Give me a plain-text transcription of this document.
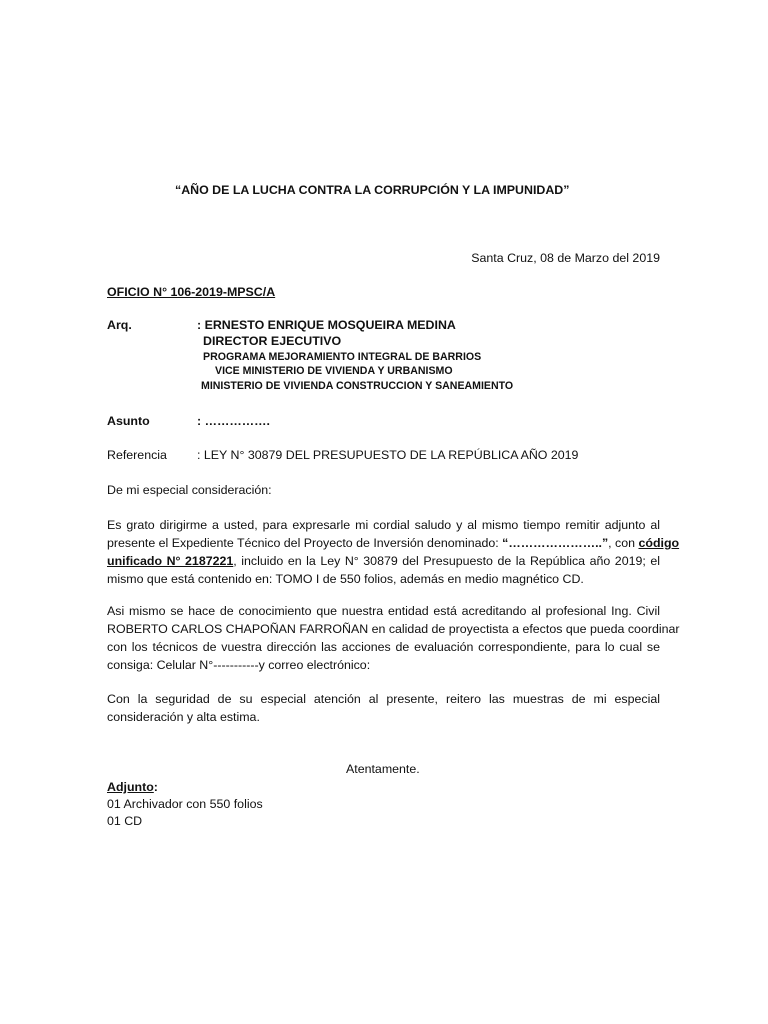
“AÑO DE LA LUCHA CONTRA LA CORRUPCIÓN Y LA IMPUNIDAD”
Santa Cruz, 08 de Marzo del 2019
OFICIO N° 106-2019-MPSC/A
Arq.	: ERNESTO ENRIQUE MOSQUEIRA MEDINA
DIRECTOR EJECUTIVO
PROGRAMA MEJORAMIENTO INTEGRAL DE BARRIOS
VICE MINISTERIO DE VIVIENDA Y URBANISMO
MINISTERIO DE VIVIENDA CONSTRUCCION Y SANEAMIENTO
Asunto	: …………….
Referencia : LEY N° 30879 DEL PRESUPUESTO DE LA REPÚBLICA AÑO 2019
De mi especial consideración:
Es grato dirigirme a usted, para expresarle mi cordial saludo y al mismo tiempo remitir adjunto al
presente el Expediente Técnico del Proyecto de Inversión denominado: “…………………..”, con código
unificado N° 2187221, incluido en la Ley N° 30879 del Presupuesto de la República año 2019; el
mismo que está contenido en: TOMO I de 550 folios, además en medio magnético CD.
Asi mismo se hace de conocimiento que nuestra entidad está acreditando al profesional Ing. Civil
ROBERTO CARLOS CHAPOÑAN FARROÑAN en calidad de proyectista a efectos que pueda coordinar
con los técnicos de vuestra dirección las acciones de evaluación correspondiente, para lo cual se
consiga: Celular N°-----------y correo electrónico:
Con la seguridad de su especial atención al presente, reitero las muestras de mi especial
consideración y alta estima.
Atentamente.
Adjunto:
01 Archivador con 550 folios
01 CD
